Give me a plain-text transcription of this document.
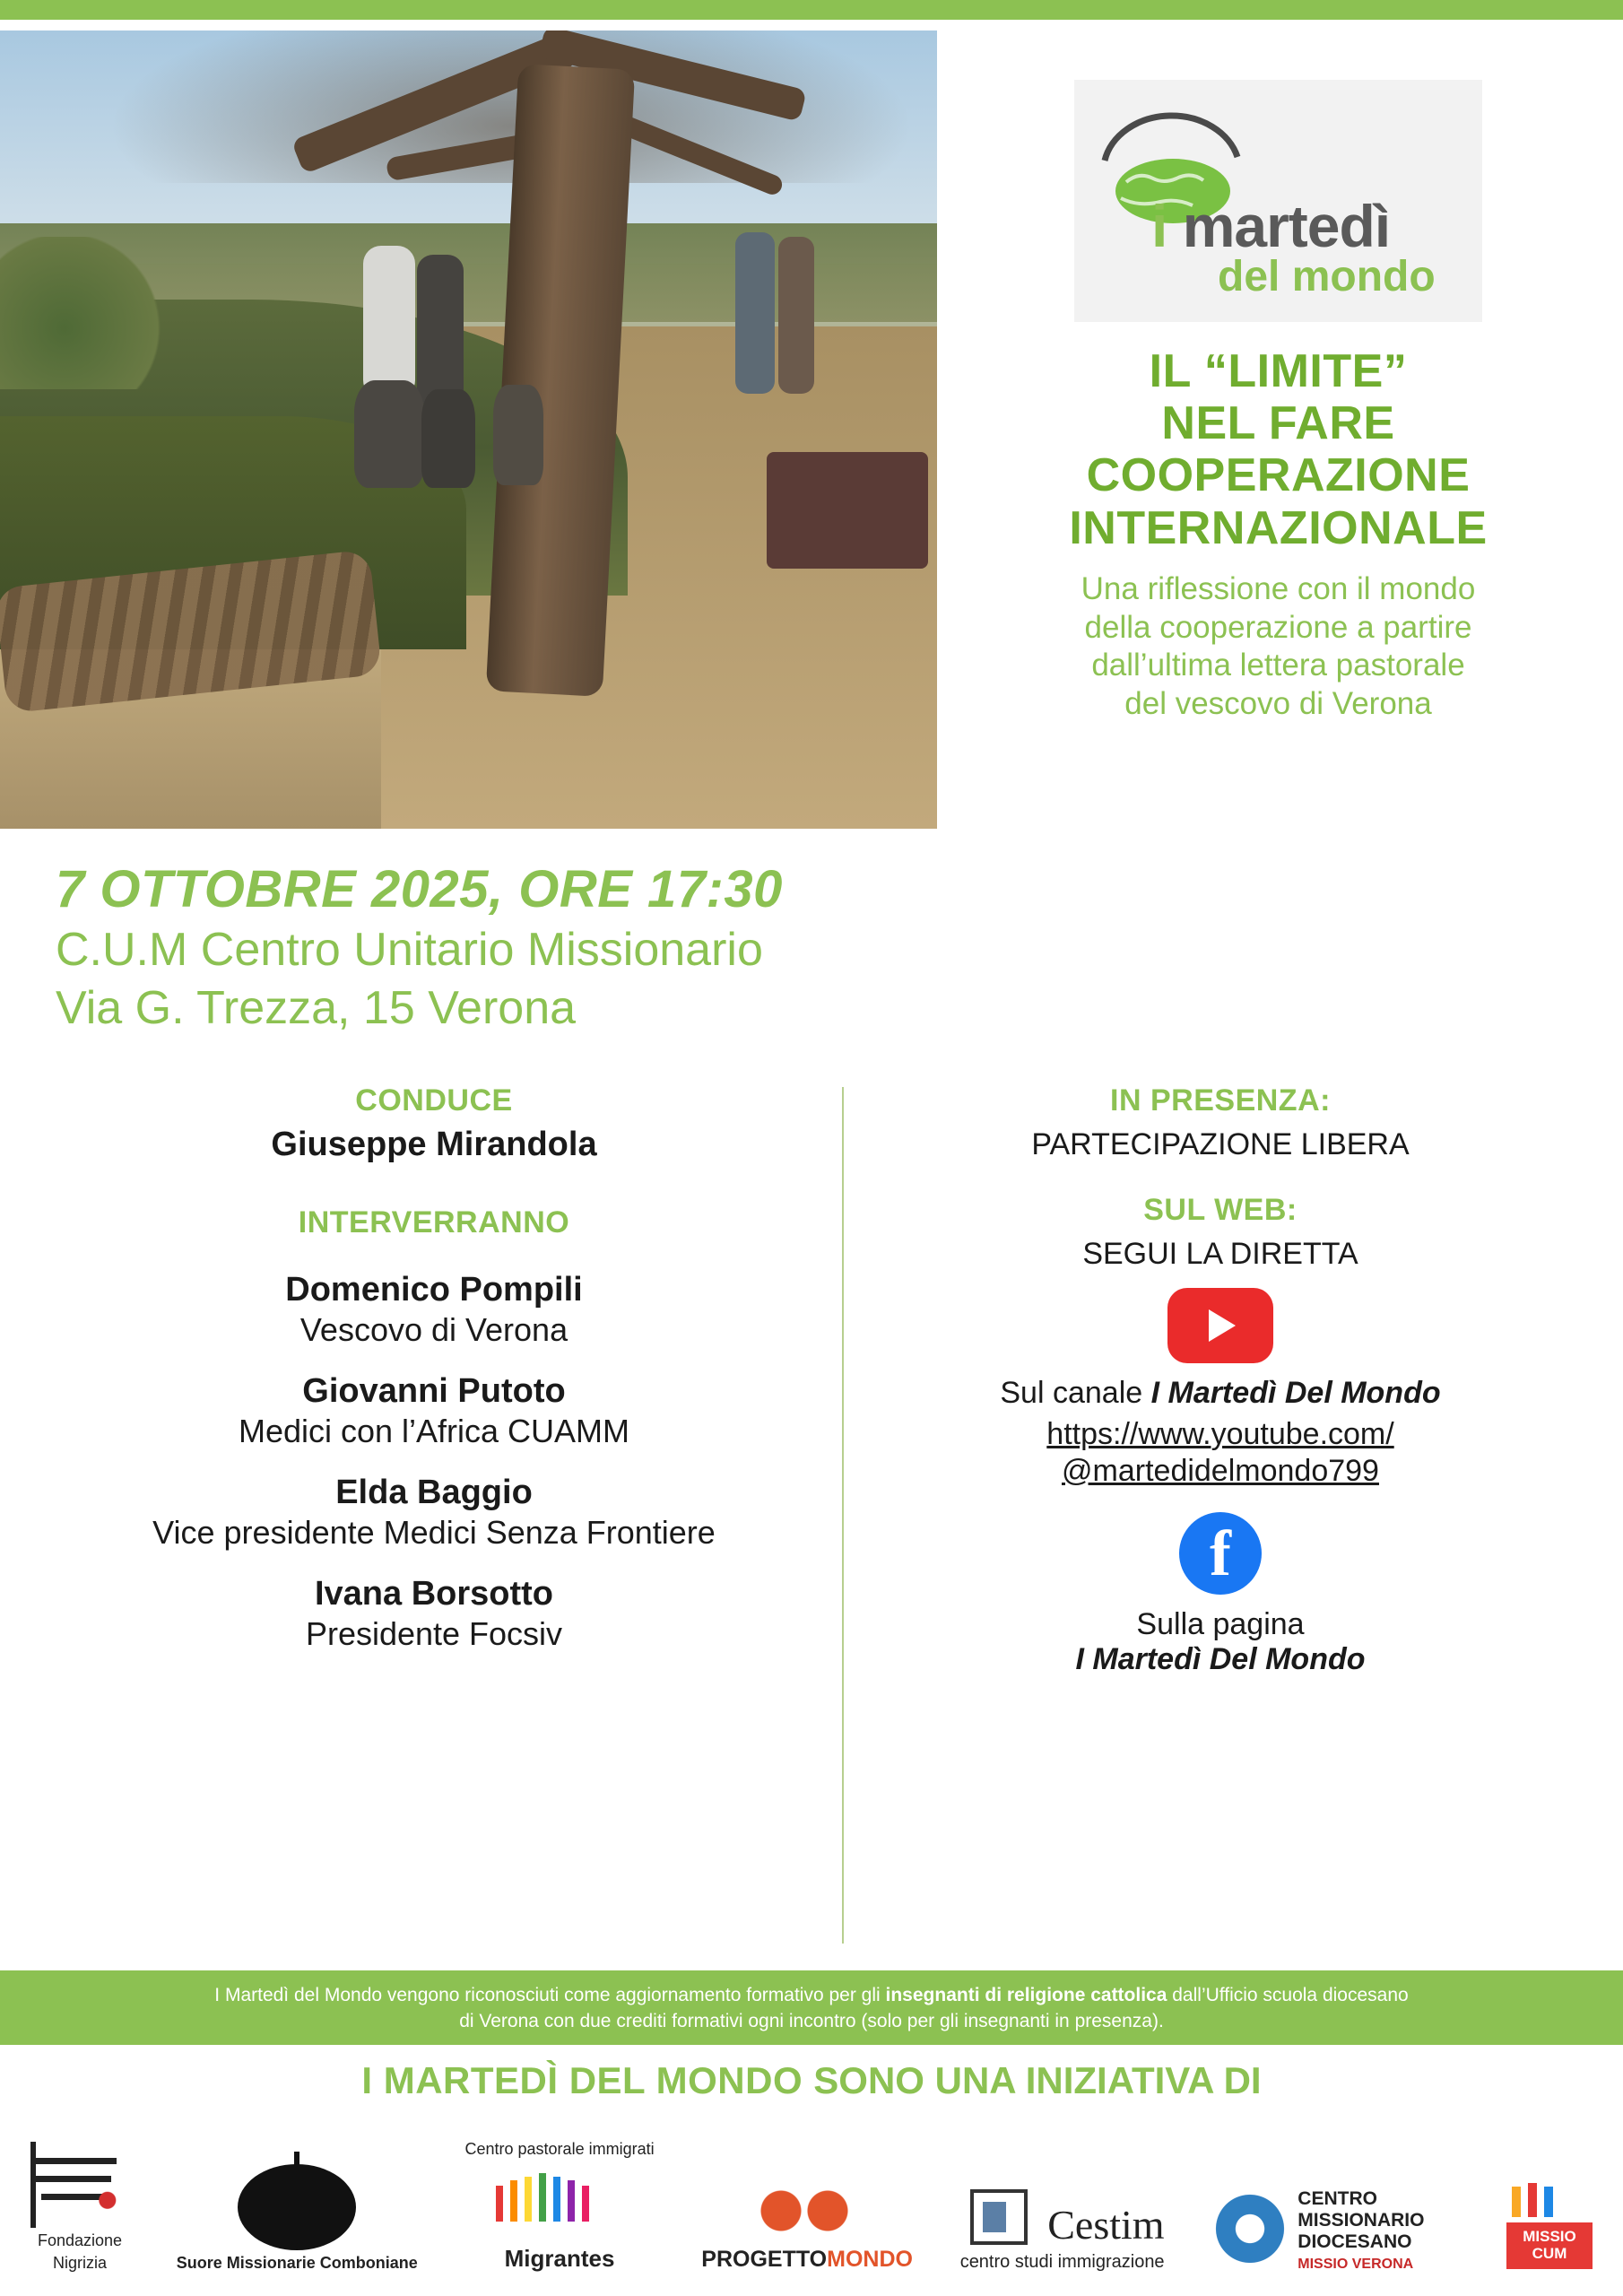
i martedì
del mondo
IL “LIMITE”
NEL FARE
COOPERAZIONE
INTERNAZIONALE
Una riflessione con il mondo
della cooperazione a partire
dall’ultima lettera pastorale
del vescovo di Verona
7 OTTOBRE 2025, ORE 17:30
C.U.M Centro Unitario Missionario
Via G. Trezza, 15 Verona
CONDUCE
Giuseppe Mirandola
INTERVERRANNO
Domenico Pompili
Vescovo di Verona
Giovanni Putoto
Medici con l’Africa CUAMM
Elda Baggio
Vice presidente Medici Senza Frontiere
Ivana Borsotto
Presidente Focsiv
IN PRESENZA:
PARTECIPAZIONE LIBERA
SUL WEB:
SEGUI LA DIRETTA
Sul canale I Martedì Del Mondo
https://www.youtube.com/
@martedidelmondo799
f
Sulla pagina
I Martedì Del Mondo
I Martedì del Mondo vengono riconosciuti come aggiornamento formativo per gli insegnanti di religione cattolica dall’Ufficio scuola diocesano
di Verona con due crediti formativi ogni incontro (solo per gli insegnanti in presenza).
I MARTEDÌ DEL MONDO SONO UNA INIZIATIVA DI
Fondazione
Nigrizia	Suore Missionarie Comboniane
Centro pastorale immigrati
Migrantes	PROGETTOMONDO
Cestim
centro studi immigrazione
CENTRO MISSIONARIO DIOCESANO
MISSIO VERONA
MISSIO
CUM
